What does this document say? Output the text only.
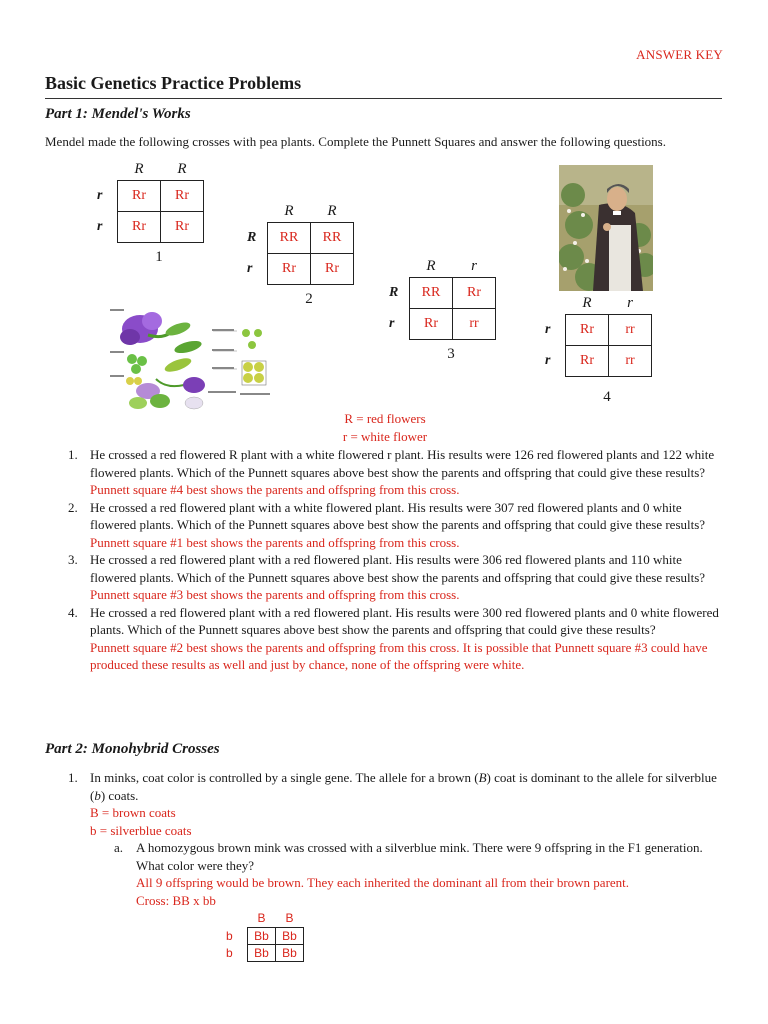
ANSWER KEY
Basic Genetics Practice Problems
Part 1: Mendel's Works
Mendel made the following crosses with pea plants. Complete the Punnett Squares and answer the following questions.
	R	R
r	Rr	Rr
r	Rr	Rr
1
	R	R
R	RR	RR
r	Rr	Rr
2
	R	r
R	RR	Rr
r	Rr	rr
3
	R	r
r	Rr	rr
r	Rr	rr
4
R = red flowers
r = white flower
1. He crossed a red flowered R plant with a white flowered r plant. His results were 126 red flowered plants and 122 white flowered plants. Which of the Punnett squares above best show the parents and offspring that could give these results?
Punnett square #4 best shows the parents and offspring from this cross.
2. He crossed a red flowered plant with a white flowered plant. His results were 307 red flowered plants and 0 white flowered plants. Which of the Punnett squares above best show the parents and offspring that could give these results?
Punnett square #1 best shows the parents and offspring from this cross.
3. He crossed a red flowered plant with a red flowered plant. His results were 306 red flowered plants and 110 white flowered plants. Which of the Punnett squares above best show the parents and offspring that could give these results?
Punnett square #3 best shows the parents and offspring from this cross.
4. He crossed a red flowered plant with a red flowered plant. His results were 300 red flowered plants and 0 white flowered plants. Which of the Punnett squares above best show the parents and offspring that could give these results?
Punnett square #2 best shows the parents and offspring from this cross. It is possible that Punnett square #3 could have produced these results as well and just by chance, none of the offspring were white.
Part 2: Monohybrid Crosses
1. In minks, coat color is controlled by a single gene. The allele for a brown (B) coat is dominant to the allele for silverblue (b) coats.
B = brown coats
b = silverblue coats
a. A homozygous brown mink was crossed with a silverblue mink. There were 9 offspring in the F1 generation. What color were they?
All 9 offspring would be brown. They each inherited the dominant all from their brown parent.
Cross: BB x bb
	B	B
b	Bb	Bb
b	Bb	Bb
